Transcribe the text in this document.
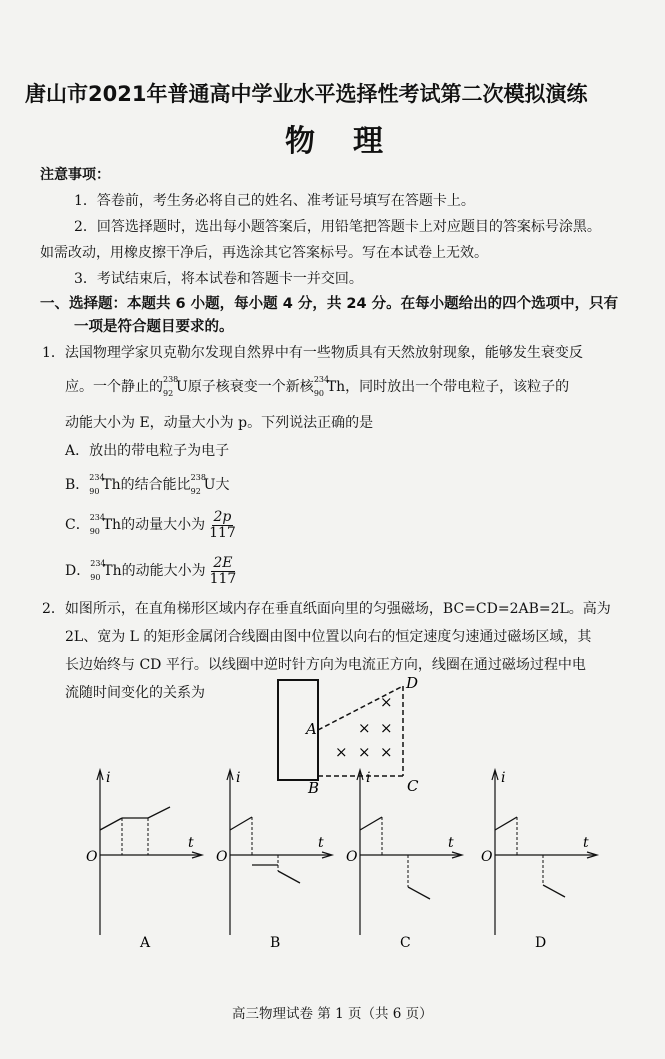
唐山市2021年普通高中学业水平选择性考试第二次模拟演练
物　理
注意事项：
1．答卷前，考生务必将自己的姓名、准考证号填写在答题卡上。
2．回答选择题时，选出每小题答案后，用铅笔把答题卡上对应题目的答案标号涂黑。
如需改动，用橡皮擦干净后，再选涂其它答案标号。写在本试卷上无效。
3．考试结束后，将本试卷和答题卡一并交回。
一、选择题：本题共 6 小题，每小题 4 分，共 24 分。在每小题给出的四个选项中，只有
一项是符合题目要求的。
1．法国物理学家贝克勒尔发现自然界中有一些物质具有天然放射现象，能够发生衰变反
应。一个静止的 238
92 U原子核衰变一个新核 234
90 Th，同时放出一个带电粒子，该粒子的
动能大小为 E，动量大小为 p。下列说法正确的是
A．放出的带电粒子为电子
B． 234
90 Th的结合能比 238
92 U大
C． 234
90 Th的动量大小为 $\frac{2p}{117}$
D． 234
90 Th的动能大小为 $\frac{2E}{117}$
2．如图所示，在直角梯形区域内存在垂直纸面向里的匀强磁场，BC=CD=2AB=2L。高为
2L、宽为 L 的矩形金属闭合线圈由图中位置以向右的恒定速度匀速通过磁场区域，其
长边始终与 CD 平行。以线圈中逆时针方向为电流正方向，线圈在通过磁场过程中电
流随时间变化的关系为
A
B	C
D
×
× ×
× × ×
i
t
O
A
i
t
O
B
i
t
O
C
i
t
O
D
高三物理试卷 第 1 页（共 6 页）
